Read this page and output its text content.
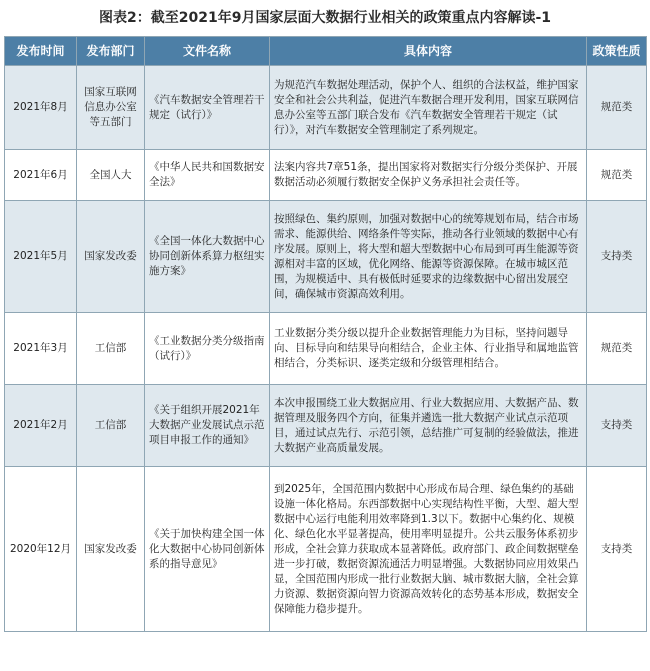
图表2：截至2021年9月国家层面大数据行业相关的政策重点内容解读-1
发布时间	发布部门	文件名称	具体内容	政策性质
2021年8月	国家互联网信息办公室等五部门	《汽车数据安全管理若干规定（试行）》	为规范汽车数据处理活动，保护个人、组织的合法权益，维护国家安全和社会公共利益，促进汽车数据合理开发利用，国家互联网信息办公室等五部门联合发布《汽车数据安全管理若干规定（试行）》，对汽车数据安全管理制定了系列规定。	规范类
2021年6月	全国人大	《中华人民共和国数据安全法》	法案内容共7章51条，提出国家将对数据实行分级分类保护、开展数据活动必须履行数据安全保护义务承担社会责任等。	规范类
2021年5月	国家发改委	《全国一体化大数据中心协同创新体系算力枢纽实施方案》	按照绿色、集约原则，加强对数据中心的统筹规划布局，结合市场需求、能源供给、网络条件等实际，推动各行业领域的数据中心有序发展。原则上，将大型和超大型数据中心布局到可再生能源等资源相对丰富的区域，优化网络、能源等资源保障。在城市城区范围，为规模适中、具有极低时延要求的边缘数据中心留出发展空间，确保城市资源高效利用。	支持类
2021年3月	工信部	《工业数据分类分级指南（试行）》	工业数据分类分级以提升企业数据管理能力为目标，坚持问题导向、目标导向和结果导向相结合，企业主体、行业指导和属地监管相结合，分类标识、逐类定级和分级管理相结合。	规范类
2021年2月	工信部	《关于组织开展2021年大数据产业发展试点示范项目申报工作的通知》	本次申报围绕工业大数据应用、行业大数据应用、大数据产品、数据管理及服务四个方向，征集并遴选一批大数据产业试点示范项目，通过试点先行、示范引领，总结推广可复制的经验做法，推进大数据产业高质量发展。	支持类
2020年12月	国家发改委	《关于加快构建全国一体化大数据中心协同创新体系的指导意见》	到2025年，全国范围内数据中心形成布局合理、绿色集约的基础设施一体化格局。东西部数据中心实现结构性平衡，大型、超大型数据中心运行电能利用效率降到1.3以下。数据中心集约化、规模化、绿色化水平显著提高，使用率明显提升。公共云服务体系初步形成，全社会算力获取成本显著降低。政府部门、政企间数据壁垒进一步打破，数据资源流通活力明显增强。大数据协同应用效果凸显，全国范围内形成一批行业数据大脑、城市数据大脑，全社会算力资源、数据资源向智力资源高效转化的态势基本形成，数据安全保障能力稳步提升。	支持类
